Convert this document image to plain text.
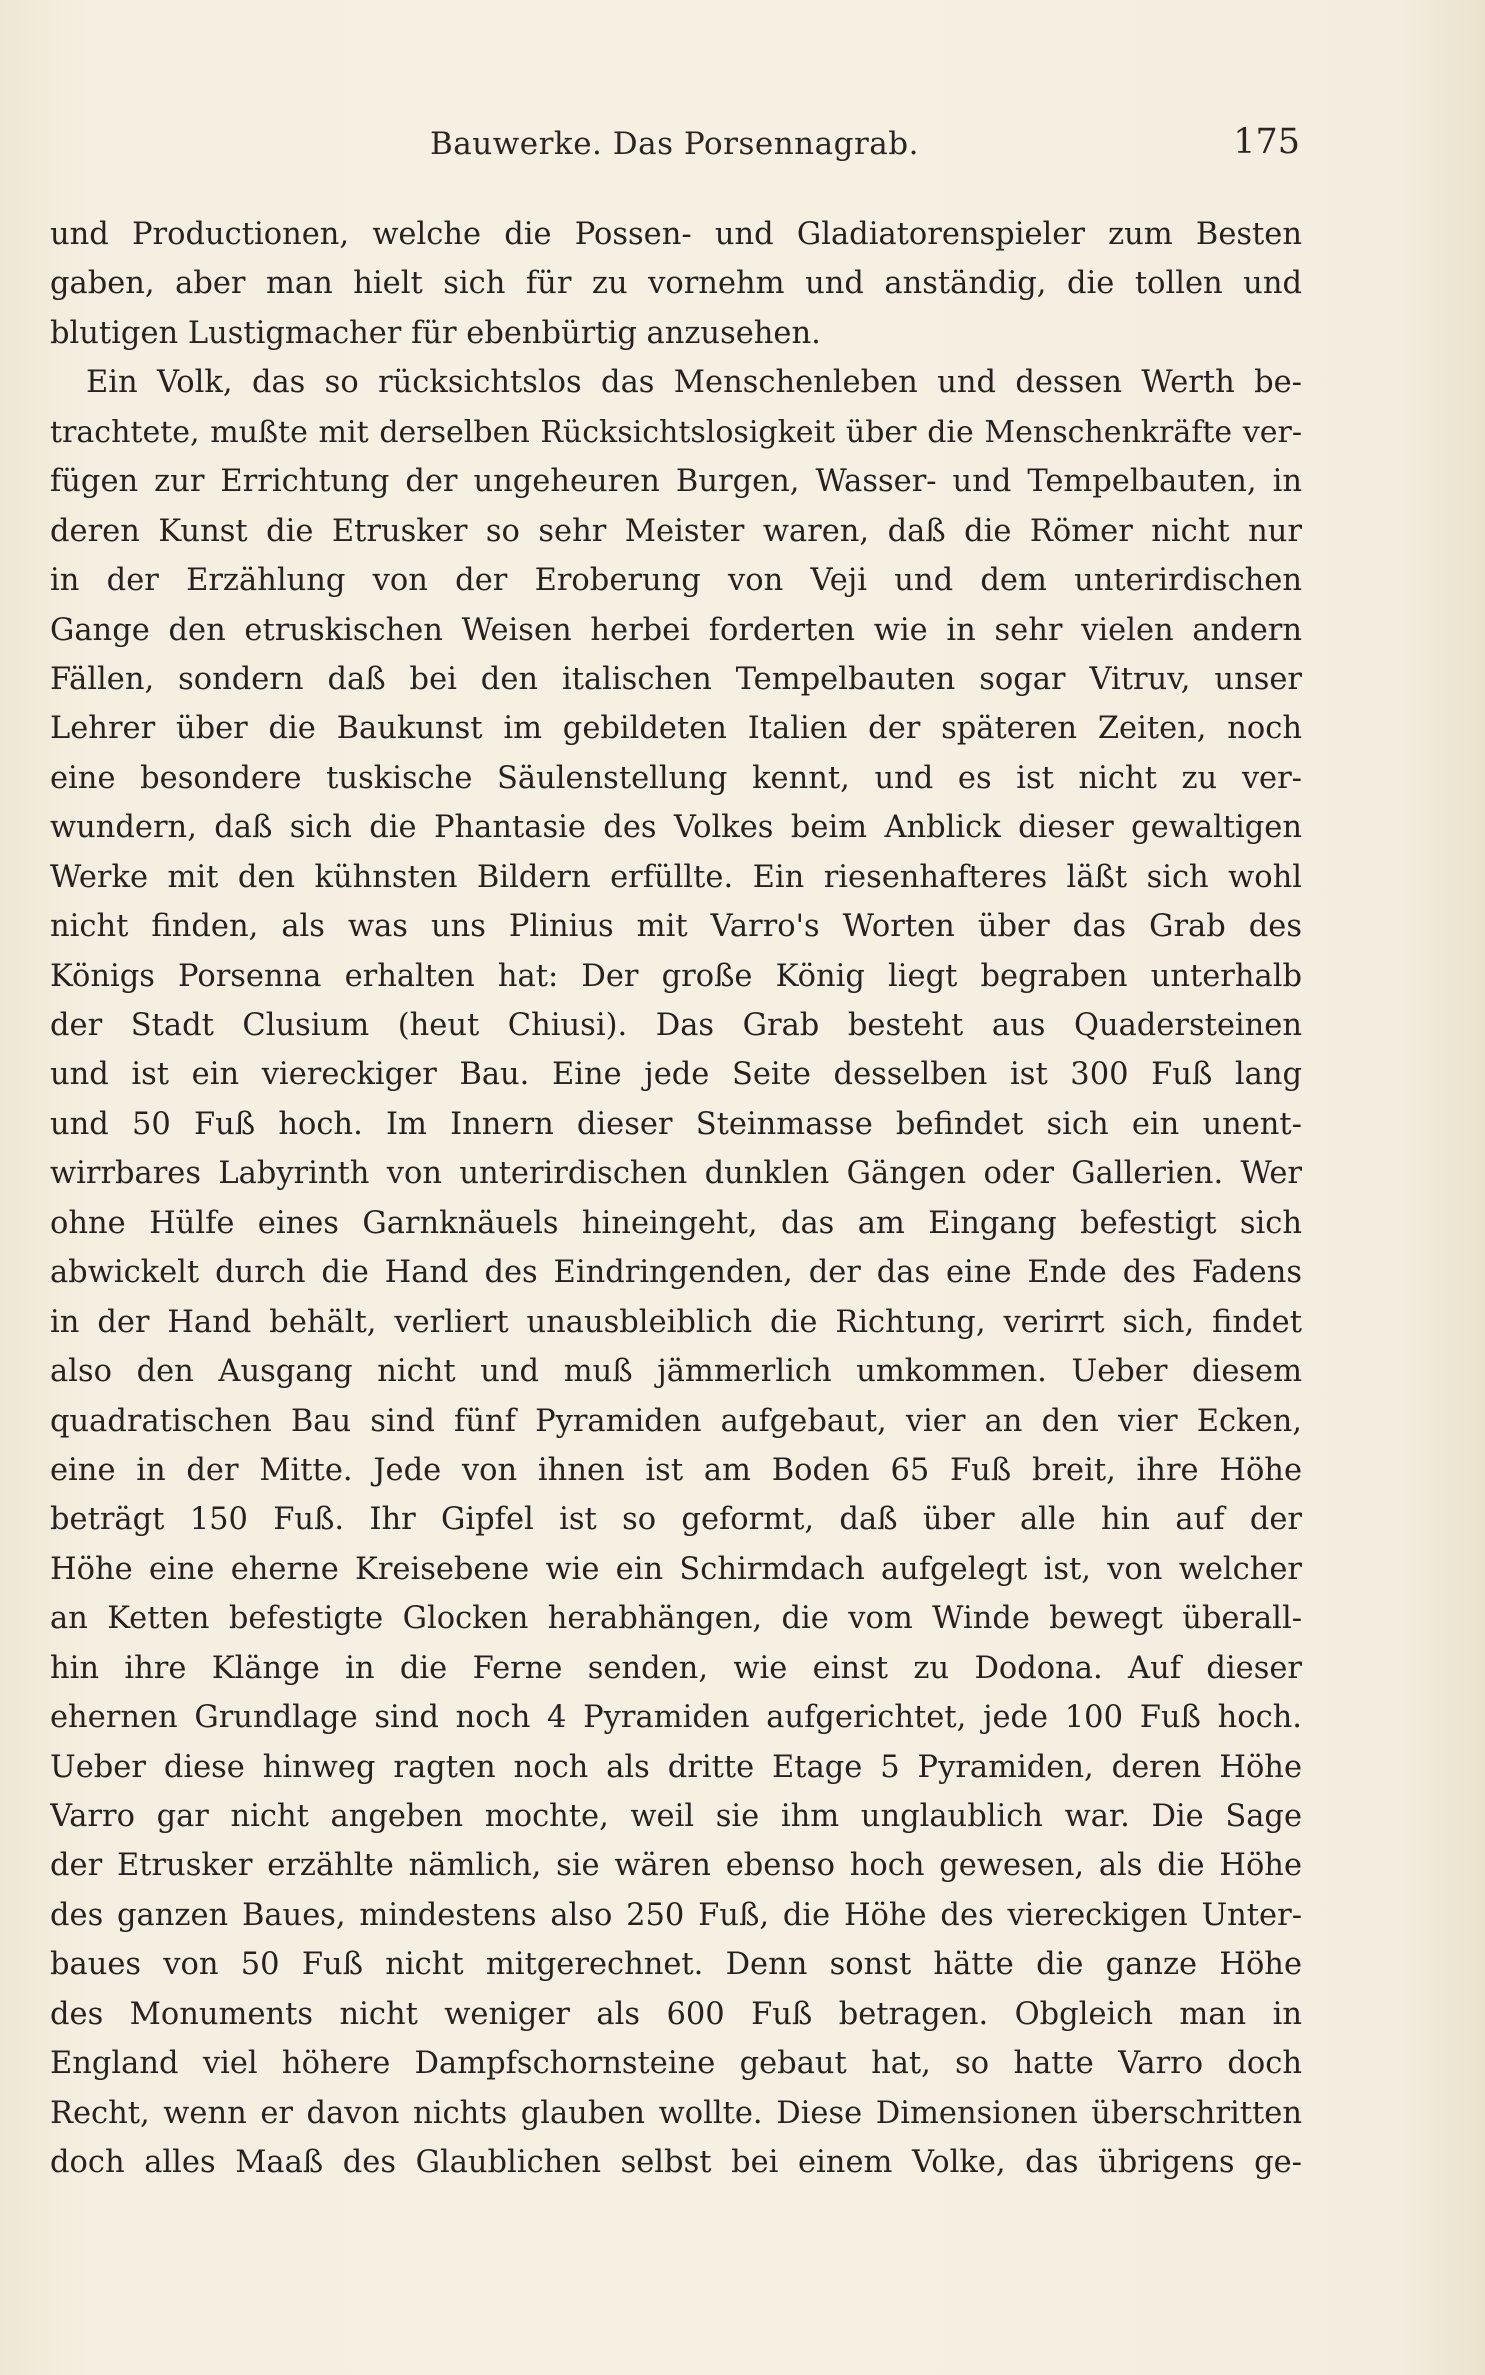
Bauwerke. Das Porsennagrab.	175
und Productionen, welche die Possen- und Gladiatorenspieler zum Besten
gaben, aber man hielt sich für zu vornehm und anständig, die tollen und
blutigen Lustigmacher für ebenbürtig anzusehen.
Ein Volk, das so rücksichtslos das Menschenleben und dessen Werth be-
trachtete, mußte mit derselben Rücksichtslosigkeit über die Menschenkräfte ver-
fügen zur Errichtung der ungeheuren Burgen, Wasser- und Tempelbauten, in
deren Kunst die Etrusker so sehr Meister waren, daß die Römer nicht nur
in der Erzählung von der Eroberung von Veji und dem unterirdischen
Gange den etruskischen Weisen herbei forderten wie in sehr vielen andern
Fällen, sondern daß bei den italischen Tempelbauten sogar Vitruv, unser
Lehrer über die Baukunst im gebildeten Italien der späteren Zeiten, noch
eine besondere tuskische Säulenstellung kennt, und es ist nicht zu ver-
wundern, daß sich die Phantasie des Volkes beim Anblick dieser gewaltigen
Werke mit den kühnsten Bildern erfüllte. Ein riesenhafteres läßt sich wohl
nicht finden, als was uns Plinius mit Varro's Worten über das Grab des
Königs Porsenna erhalten hat: Der große König liegt begraben unterhalb
der Stadt Clusium (heut Chiusi). Das Grab besteht aus Quadersteinen
und ist ein viereckiger Bau. Eine jede Seite desselben ist 300 Fuß lang
und 50 Fuß hoch. Im Innern dieser Steinmasse befindet sich ein unent-
wirrbares Labyrinth von unterirdischen dunklen Gängen oder Gallerien. Wer
ohne Hülfe eines Garnknäuels hineingeht, das am Eingang befestigt sich
abwickelt durch die Hand des Eindringenden, der das eine Ende des Fadens
in der Hand behält, verliert unausbleiblich die Richtung, verirrt sich, findet
also den Ausgang nicht und muß jämmerlich umkommen. Ueber diesem
quadratischen Bau sind fünf Pyramiden aufgebaut, vier an den vier Ecken,
eine in der Mitte. Jede von ihnen ist am Boden 65 Fuß breit, ihre Höhe
beträgt 150 Fuß. Ihr Gipfel ist so geformt, daß über alle hin auf der
Höhe eine eherne Kreisebene wie ein Schirmdach aufgelegt ist, von welcher
an Ketten befestigte Glocken herabhängen, die vom Winde bewegt überall-
hin ihre Klänge in die Ferne senden, wie einst zu Dodona. Auf dieser
ehernen Grundlage sind noch 4 Pyramiden aufgerichtet, jede 100 Fuß hoch.
Ueber diese hinweg ragten noch als dritte Etage 5 Pyramiden, deren Höhe
Varro gar nicht angeben mochte, weil sie ihm unglaublich war. Die Sage
der Etrusker erzählte nämlich, sie wären ebenso hoch gewesen, als die Höhe
des ganzen Baues, mindestens also 250 Fuß, die Höhe des viereckigen Unter-
baues von 50 Fuß nicht mitgerechnet. Denn sonst hätte die ganze Höhe
des Monuments nicht weniger als 600 Fuß betragen. Obgleich man in
England viel höhere Dampfschornsteine gebaut hat, so hatte Varro doch
Recht, wenn er davon nichts glauben wollte. Diese Dimensionen überschritten
doch alles Maaß des Glaublichen selbst bei einem Volke, das übrigens ge-
